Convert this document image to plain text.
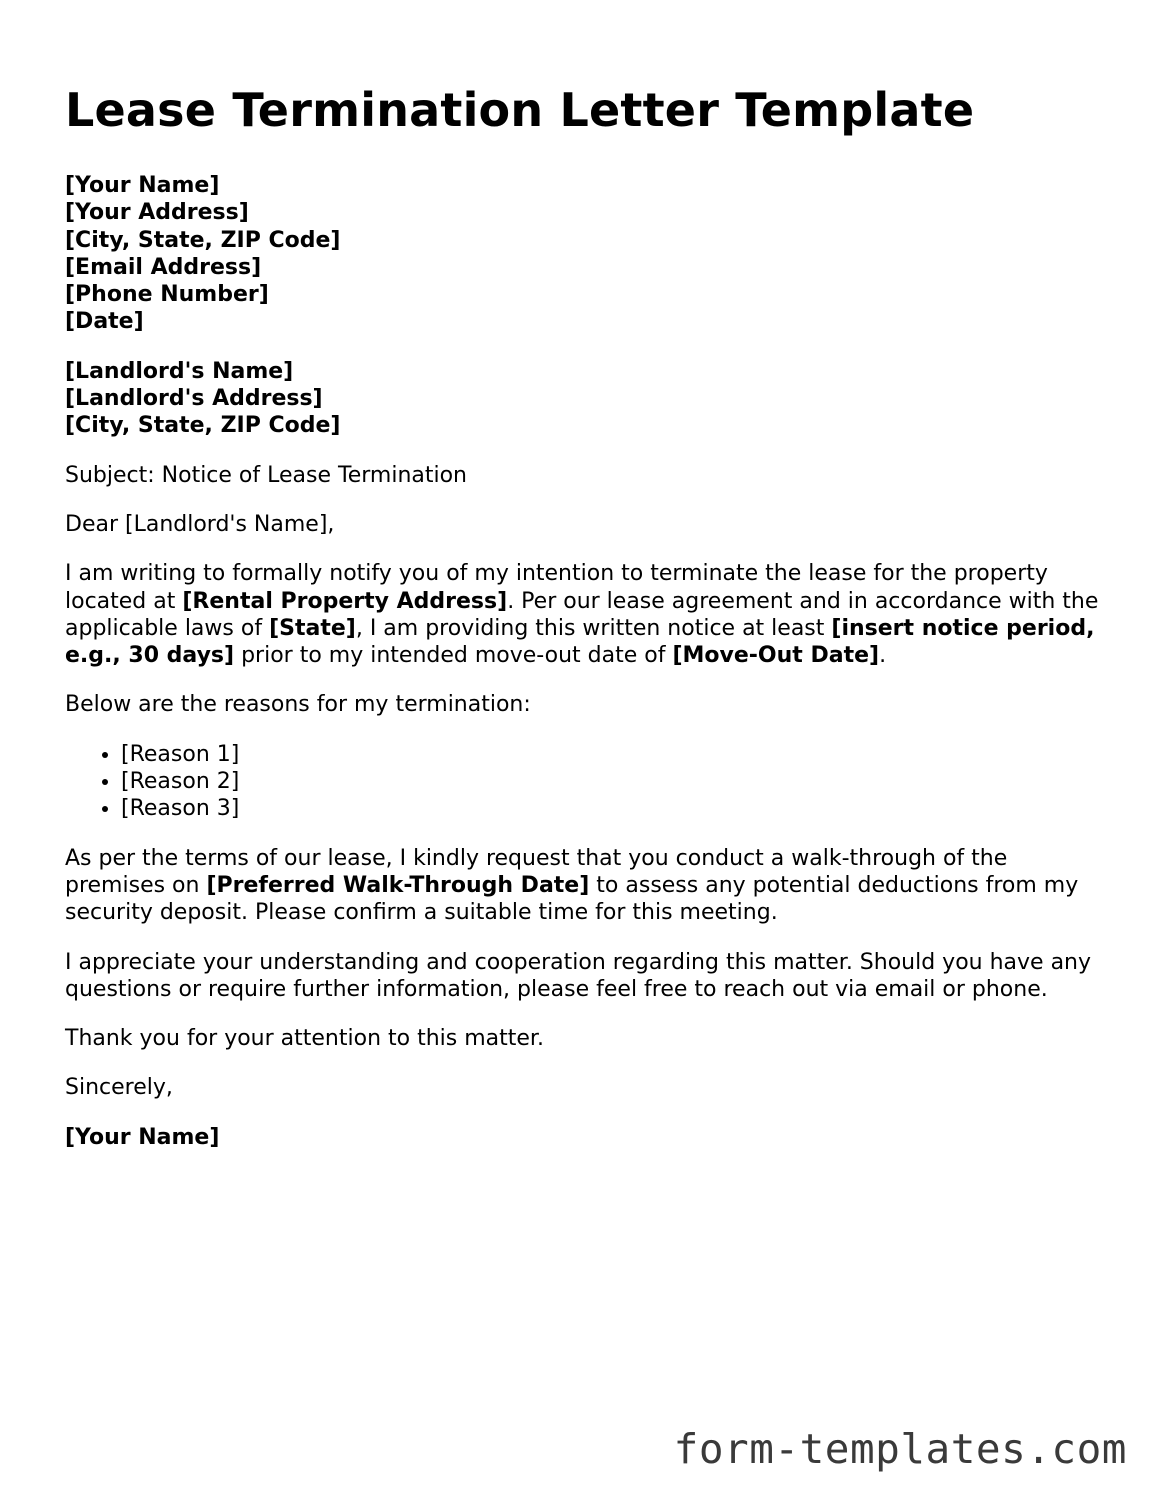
Lease Termination Letter Template
[Your Name]
[Your Address]
[City, State, ZIP Code]
[Email Address]
[Phone Number]
[Date]
[Landlord's Name]
[Landlord's Address]
[City, State, ZIP Code]

Subject: Notice of Lease Termination

Dear [Landlord's Name],

I am writing to formally notify you of my intention to terminate the lease for the property located at [Rental Property Address]. Per our lease agreement and in accordance with the applicable laws of [State], I am providing this written notice at least [insert notice period, e.g., 30 days] prior to my intended move-out date of [Move-Out Date].

Below are the reasons for my termination:

• [Reason 1]
• [Reason 2]
• [Reason 3]

As per the terms of our lease, I kindly request that you conduct a walk-through of the premises on [Preferred Walk-Through Date] to assess any potential deductions from my security deposit. Please confirm a suitable time for this meeting.

I appreciate your understanding and cooperation regarding this matter. Should you have any questions or require further information, please feel free to reach out via email or phone.

Thank you for your attention to this matter.

Sincerely,

[Your Name]

form-templates.com
